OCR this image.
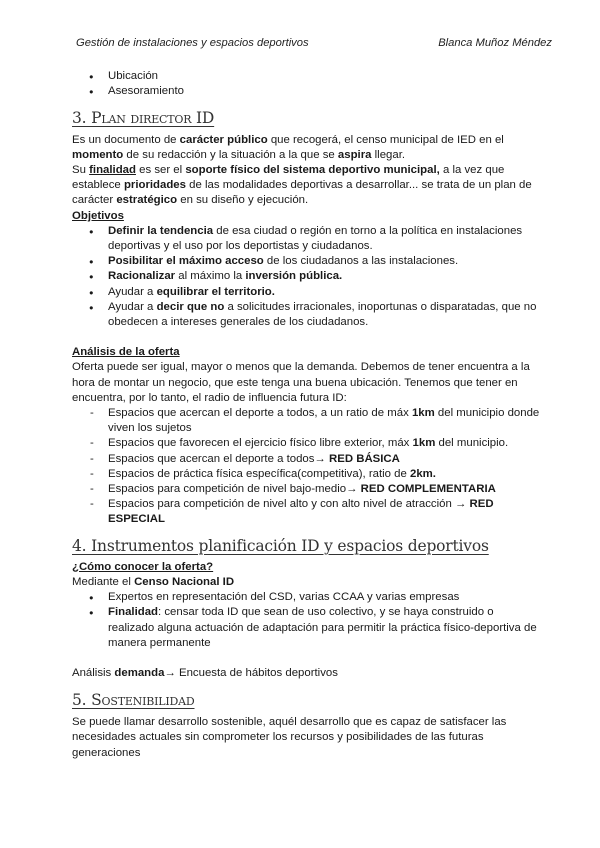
Gestión de instalaciones y espacios deportivos	Blanca Muñoz Méndez
● Ubicación
● Asesoramiento
3. Plan director ID

Es un documento de carácter público que recogerá, el censo municipal de IED en el momento de su redacción y la situación a la que se aspira llegar.

Su finalidad es ser el soporte físico del sistema deportivo municipal, a la vez que establece prioridades de las modalidades deportivas a desarrollar... se trata de un plan de carácter estratégico en su diseño y ejecución.

Objetivos

● Definir la tendencia de esa ciudad o región en torno a la política en instalaciones deportivas y el uso por los deportistas y ciudadanos.
● Posibilitar el máximo acceso de los ciudadanos a las instalaciones.
● Racionalizar al máximo la inversión pública.
● Ayudar a equilibrar el territorio.
● Ayudar a decir que no a solicitudes irracionales, inoportunas o disparatadas, que no obedecen a intereses generales de los ciudadanos.

Análisis de la oferta

Oferta puede ser igual, mayor o menos que la demanda. Debemos de tener encuentra a la hora de montar un negocio, que este tenga una buena ubicación. Tenemos que tener en encuentra, por lo tanto, el radio de influencia futura ID:

- Espacios que acercan el deporte a todos, a un ratio de máx 1km del municipio donde viven los sujetos
- Espacios que favorecen el ejercicio físico libre exterior, máx 1km del municipio.
- Espacios que acercan el deporte a todos→ RED BÁSICA
- Espacios de práctica física específica(competitiva), ratio de 2km.
- Espacios para competición de nivel bajo-medio→ RED COMPLEMENTARIA
- Espacios para competición de nivel alto y con alto nivel de atracción → RED ESPECIAL
4. Instrumentos planificación ID y espacios deportivos

¿Cómo conocer la oferta?

Mediante el Censo Nacional ID

● Expertos en representación del CSD, varias CCAA y varias empresas
● Finalidad: censar toda ID que sean de uso colectivo, y se haya construido o realizado alguna actuación de adaptación para permitir la práctica físico-deportiva de manera permanente

Análisis demanda→ Encuesta de hábitos deportivos

5. Sostenibilidad

Se puede llamar desarrollo sostenible, aquél desarrollo que es capaz de satisfacer las necesidades actuales sin comprometer los recursos y posibilidades de las futuras generaciones
